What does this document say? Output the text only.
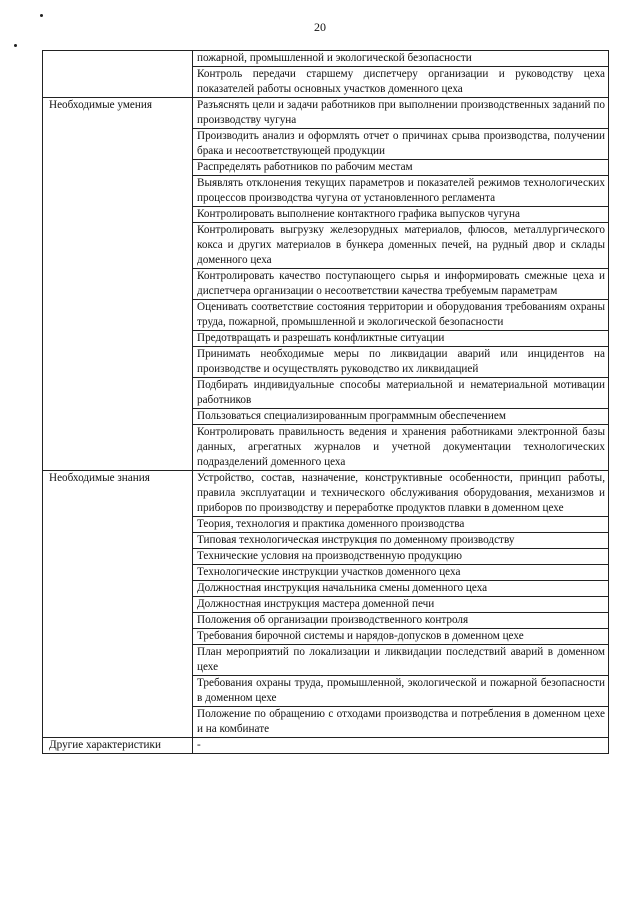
20
	пожарной, промышленной и экологической безопасности
	Контроль передачи старшему диспетчеру организации и руководству цеха показателей работы основных участков доменного цеха
Необходимые умения	Разъяснять цели и задачи работников при выполнении производственных заданий по производству чугуна
	Производить анализ и оформлять отчет о причинах срыва производства, получении брака и несоответствующей продукции
	Распределять работников по рабочим местам
	Выявлять отклонения текущих параметров и показателей режимов технологических процессов производства чугуна от установленного регламента
	Контролировать выполнение контактного графика выпусков чугуна
	Контролировать выгрузку железорудных материалов, флюсов, металлургического кокса и других материалов в бункера доменных печей, на рудный двор и склады доменного цеха
	Контролировать качество поступающего сырья и информировать смежные цеха и диспетчера организации о несоответствии качества требуемым параметрам
	Оценивать соответствие состояния территории и оборудования требованиям охраны труда, пожарной, промышленной и экологической безопасности
	Предотвращать и разрешать конфликтные ситуации
	Принимать необходимые меры по ликвидации аварий или инцидентов на производстве и осуществлять руководство их ликвидацией
	Подбирать индивидуальные способы материальной и нематериальной мотивации работников
	Пользоваться специализированным программным обеспечением
	Контролировать правильность ведения и хранения работниками электронной базы данных, агрегатных журналов и учетной документации технологических подразделений доменного цеха
Необходимые знания	Устройство, состав, назначение, конструктивные особенности, принцип работы, правила эксплуатации и технического обслуживания оборудования, механизмов и приборов по производству и переработке продуктов плавки в доменном цехе
	Теория, технология и практика доменного производства
	Типовая технологическая инструкция по доменному производству
	Технические условия на производственную продукцию
	Технологические инструкции участков доменного цеха
	Должностная инструкция начальника смены доменного цеха
	Должностная инструкция мастера доменной печи
	Положения об организации производственного контроля
	Требования бирочной системы и нарядов-допусков в доменном цехе
	План мероприятий по локализации и ликвидации последствий аварий в доменном цехе
	Требования охраны труда, промышленной, экологической и пожарной безопасности в доменном цехе
	Положение по обращению с отходами производства и потребления в доменном цехе и на комбинате
Другие характеристики	-
